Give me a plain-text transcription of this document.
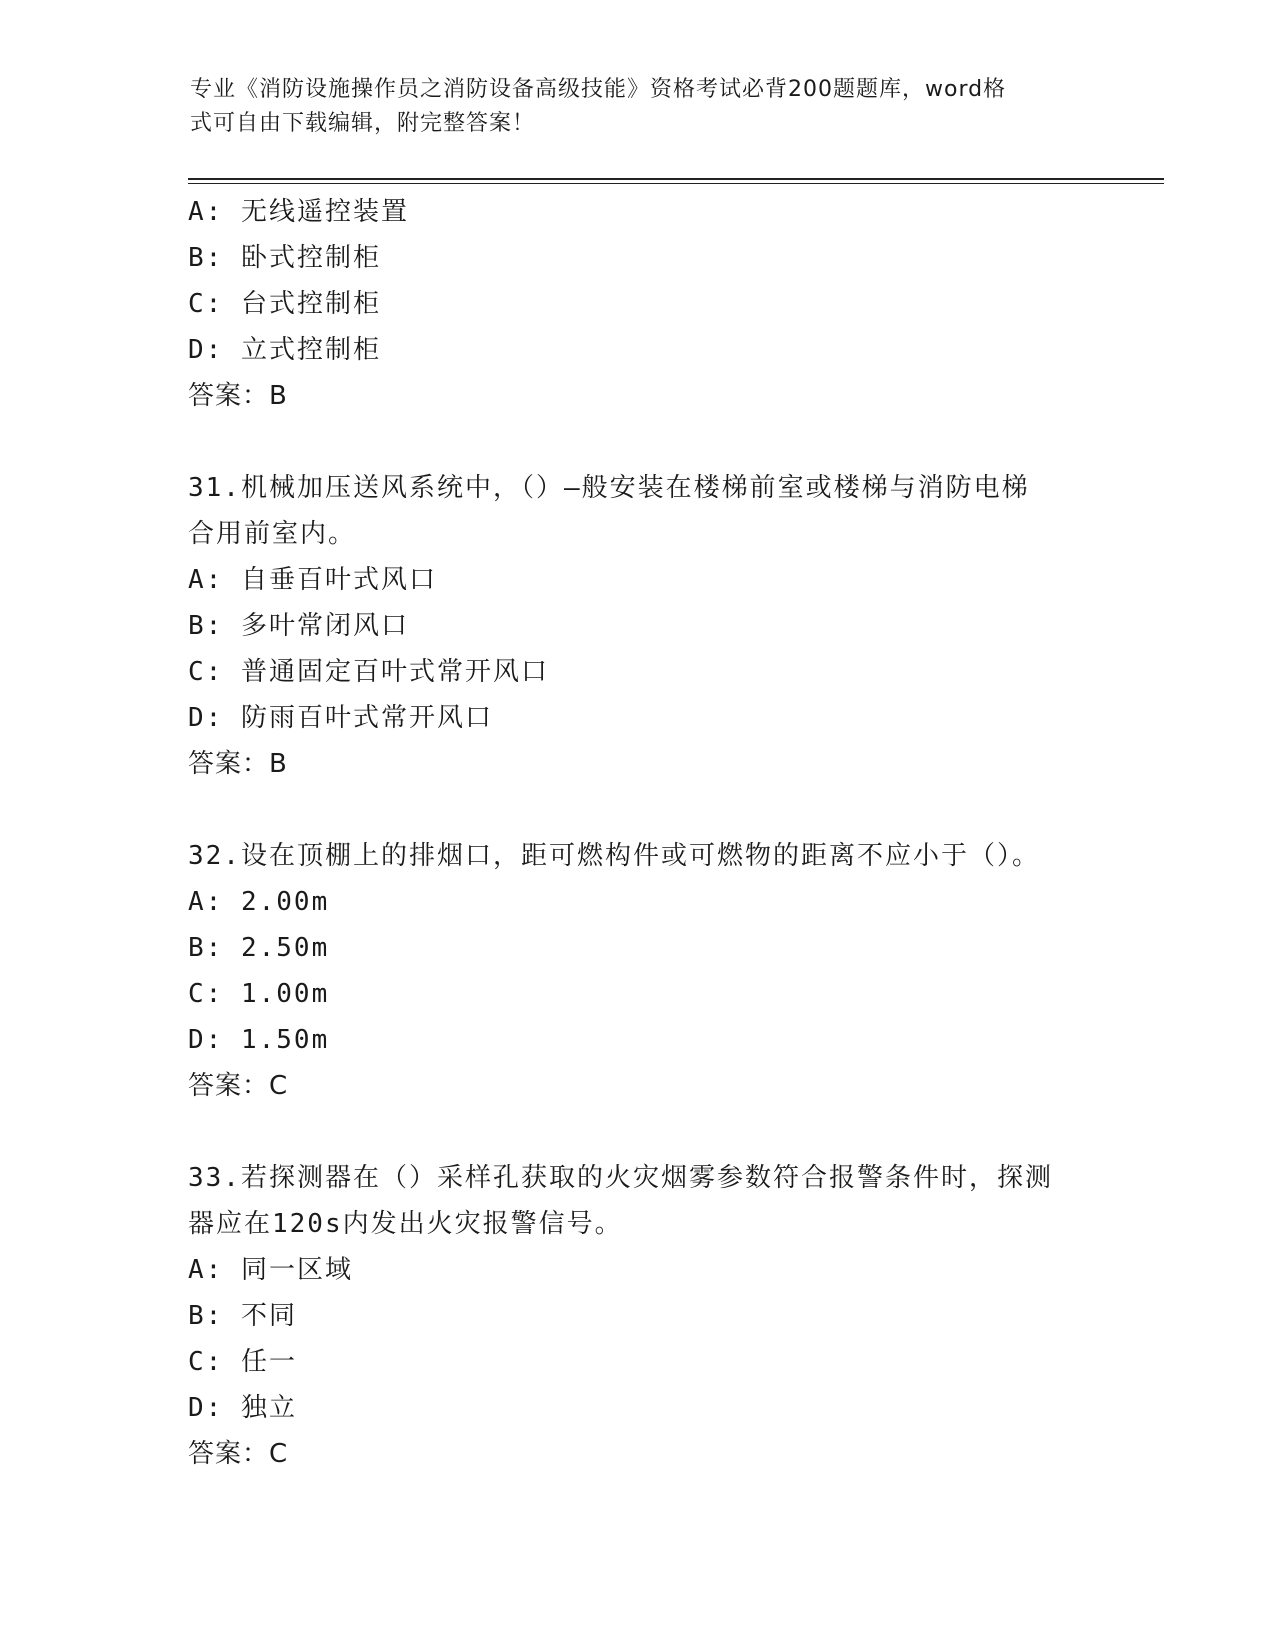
专业《消防设施操作员之消防设备高级技能》资格考试必背200题题库，word格
式可自由下载编辑，附完整答案！
A: 无线遥控装置
B: 卧式控制柜
C: 台式控制柜
D: 立式控制柜
答案：B
31.机械加压送风系统中，（）—般安装在楼梯前室或楼梯与消防电梯
合用前室内。
A: 自垂百叶式风口
B: 多叶常闭风口
C: 普通固定百叶式常开风口
D: 防雨百叶式常开风口
答案：B
32.设在顶棚上的排烟口，距可燃构件或可燃物的距离不应小于（）。
A: 2.00m
B: 2.50m
C: 1.00m
D: 1.50m
答案：C
33.若探测器在（）采样孔获取的火灾烟雾参数符合报警条件时，探测
器应在120s内发出火灾报警信号。
A: 同一区域
B: 不同
C: 任一
D: 独立
答案：C
